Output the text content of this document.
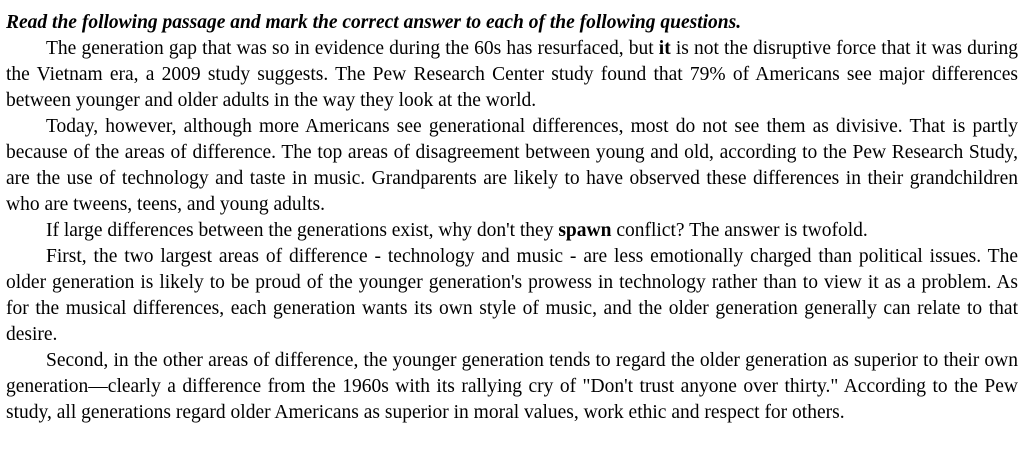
Read the following passage and mark the correct answer to each of the following questions.

The generation gap that was so in evidence during the 60s has resurfaced, but it is not the disruptive force that it was during the Vietnam era, a 2009 study suggests. The Pew Research Center study found that 79% of Americans see major differences between younger and older adults in the way they look at the world.

Today, however, although more Americans see generational differences, most do not see them as divisive. That is partly because of the areas of difference. The top areas of disagreement between young and old, according to the Pew Research Study, are the use of technology and taste in music. Grandparents are likely to have observed these differences in their grandchildren who are tweens, teens, and young adults.

If large differences between the generations exist, why don't they spawn conflict? The answer is twofold.

First, the two largest areas of difference - technology and music - are less emotionally charged than political issues. The older generation is likely to be proud of the younger generation's prowess in technology rather than to view it as a problem. As for the musical differences, each generation wants its own style of music, and the older generation generally can relate to that desire.

Second, in the other areas of difference, the younger generation tends to regard the older generation as superior to their own generation—clearly a difference from the 1960s with its rallying cry of "Don't trust anyone over thirty." According to the Pew study, all generations regard older Americans as superior in moral values, work ethic and respect for others.
